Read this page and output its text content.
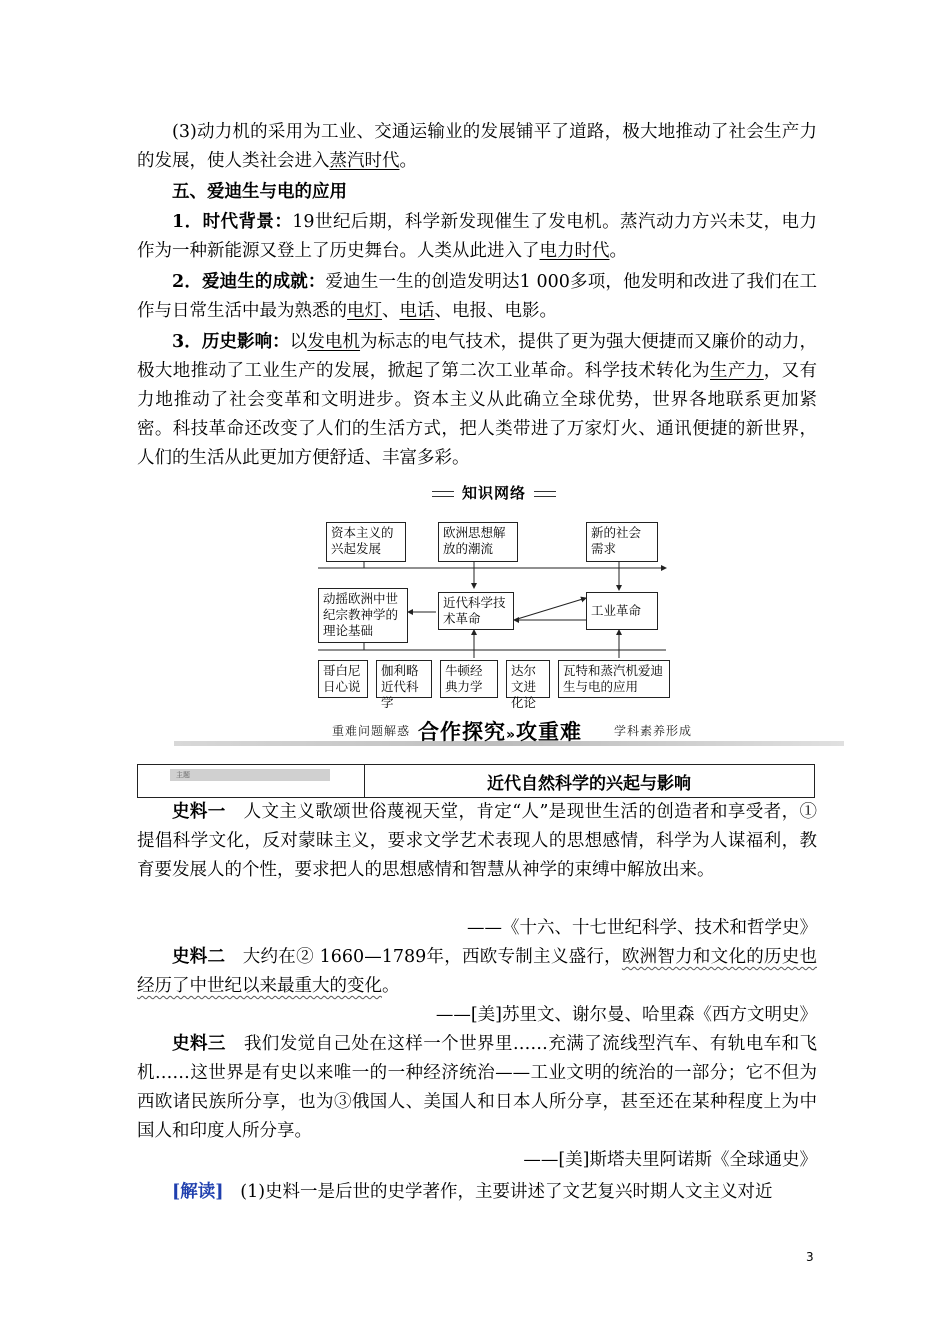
(3)动力机的采用为工业、交通运输业的发展铺平了道路，极大地推动了社会生产力的发展，使人类社会进入蒸汽时代。
五、爱迪生与电的应用
1．时代背景：19世纪后期，科学新发现催生了发电机。蒸汽动力方兴未艾，电力作为一种新能源又登上了历史舞台。人类从此进入了电力时代。
2．爱迪生的成就：爱迪生一生的创造发明达1 000多项，他发明和改进了我们在工作与日常生活中最为熟悉的电灯、电话、电报、电影。
3．历史影响：以发电机为标志的电气技术，提供了更为强大便捷而又廉价的动力，极大地推动了工业生产的发展，掀起了第二次工业革命。科学技术转化为生产力，又有力地推动了社会变革和文明进步。资本主义从此确立全球优势，世界各地联系更加紧密。科技革命还改变了人们的生活方式，把人类带进了万家灯火、通讯便捷的新世界，人们的生活从此更加方便舒适、丰富多彩。
知识网络
资本主义的兴起发展
欧洲思想解放的潮流
新的社会需求
动摇欧洲中世纪宗教神学的理论基础
近代科学技术革命
工业革命
哥白尼日心说
伽利略近代科学
牛顿经典力学
达尔文进化论
瓦特和蒸汽机爱迪生与电的应用
重难问题解惑 合作探究»攻重难	学科素养形成
主题	近代自然科学的兴起与影响
史料一 人文主义歌颂世俗蔑视天堂，肯定“人”是现世生活的创造者和享受者，①提倡科学文化，反对蒙昧主义，要求文学艺术表现人的思想感情，科学为人谋福利，教育要发展人的个性，要求把人的思想感情和智慧从神学的束缚中解放出来。
——《十六、十七世纪科学、技术和哲学史》
史料二 大约在② 1660—1789年，西欧专制主义盛行，欧洲智力和文化的历史也经历了中世纪以来最重大的变化。
——[美]苏里文、谢尔曼、哈里森《西方文明史》
史料三 我们发觉自己处在这样一个世界里……充满了流线型汽车、有轨电车和飞机……这世界是有史以来唯一的一种经济统治——工业文明的统治的一部分；它不但为西欧诸民族所分享，也为③俄国人、美国人和日本人所分享，甚至还在某种程度上为中国人和印度人所分享。
——[美]斯塔夫里阿诺斯《全球通史》
[解读] (1)史料一是后世的史学著作，主要讲述了文艺复兴时期人文主义对近
3
